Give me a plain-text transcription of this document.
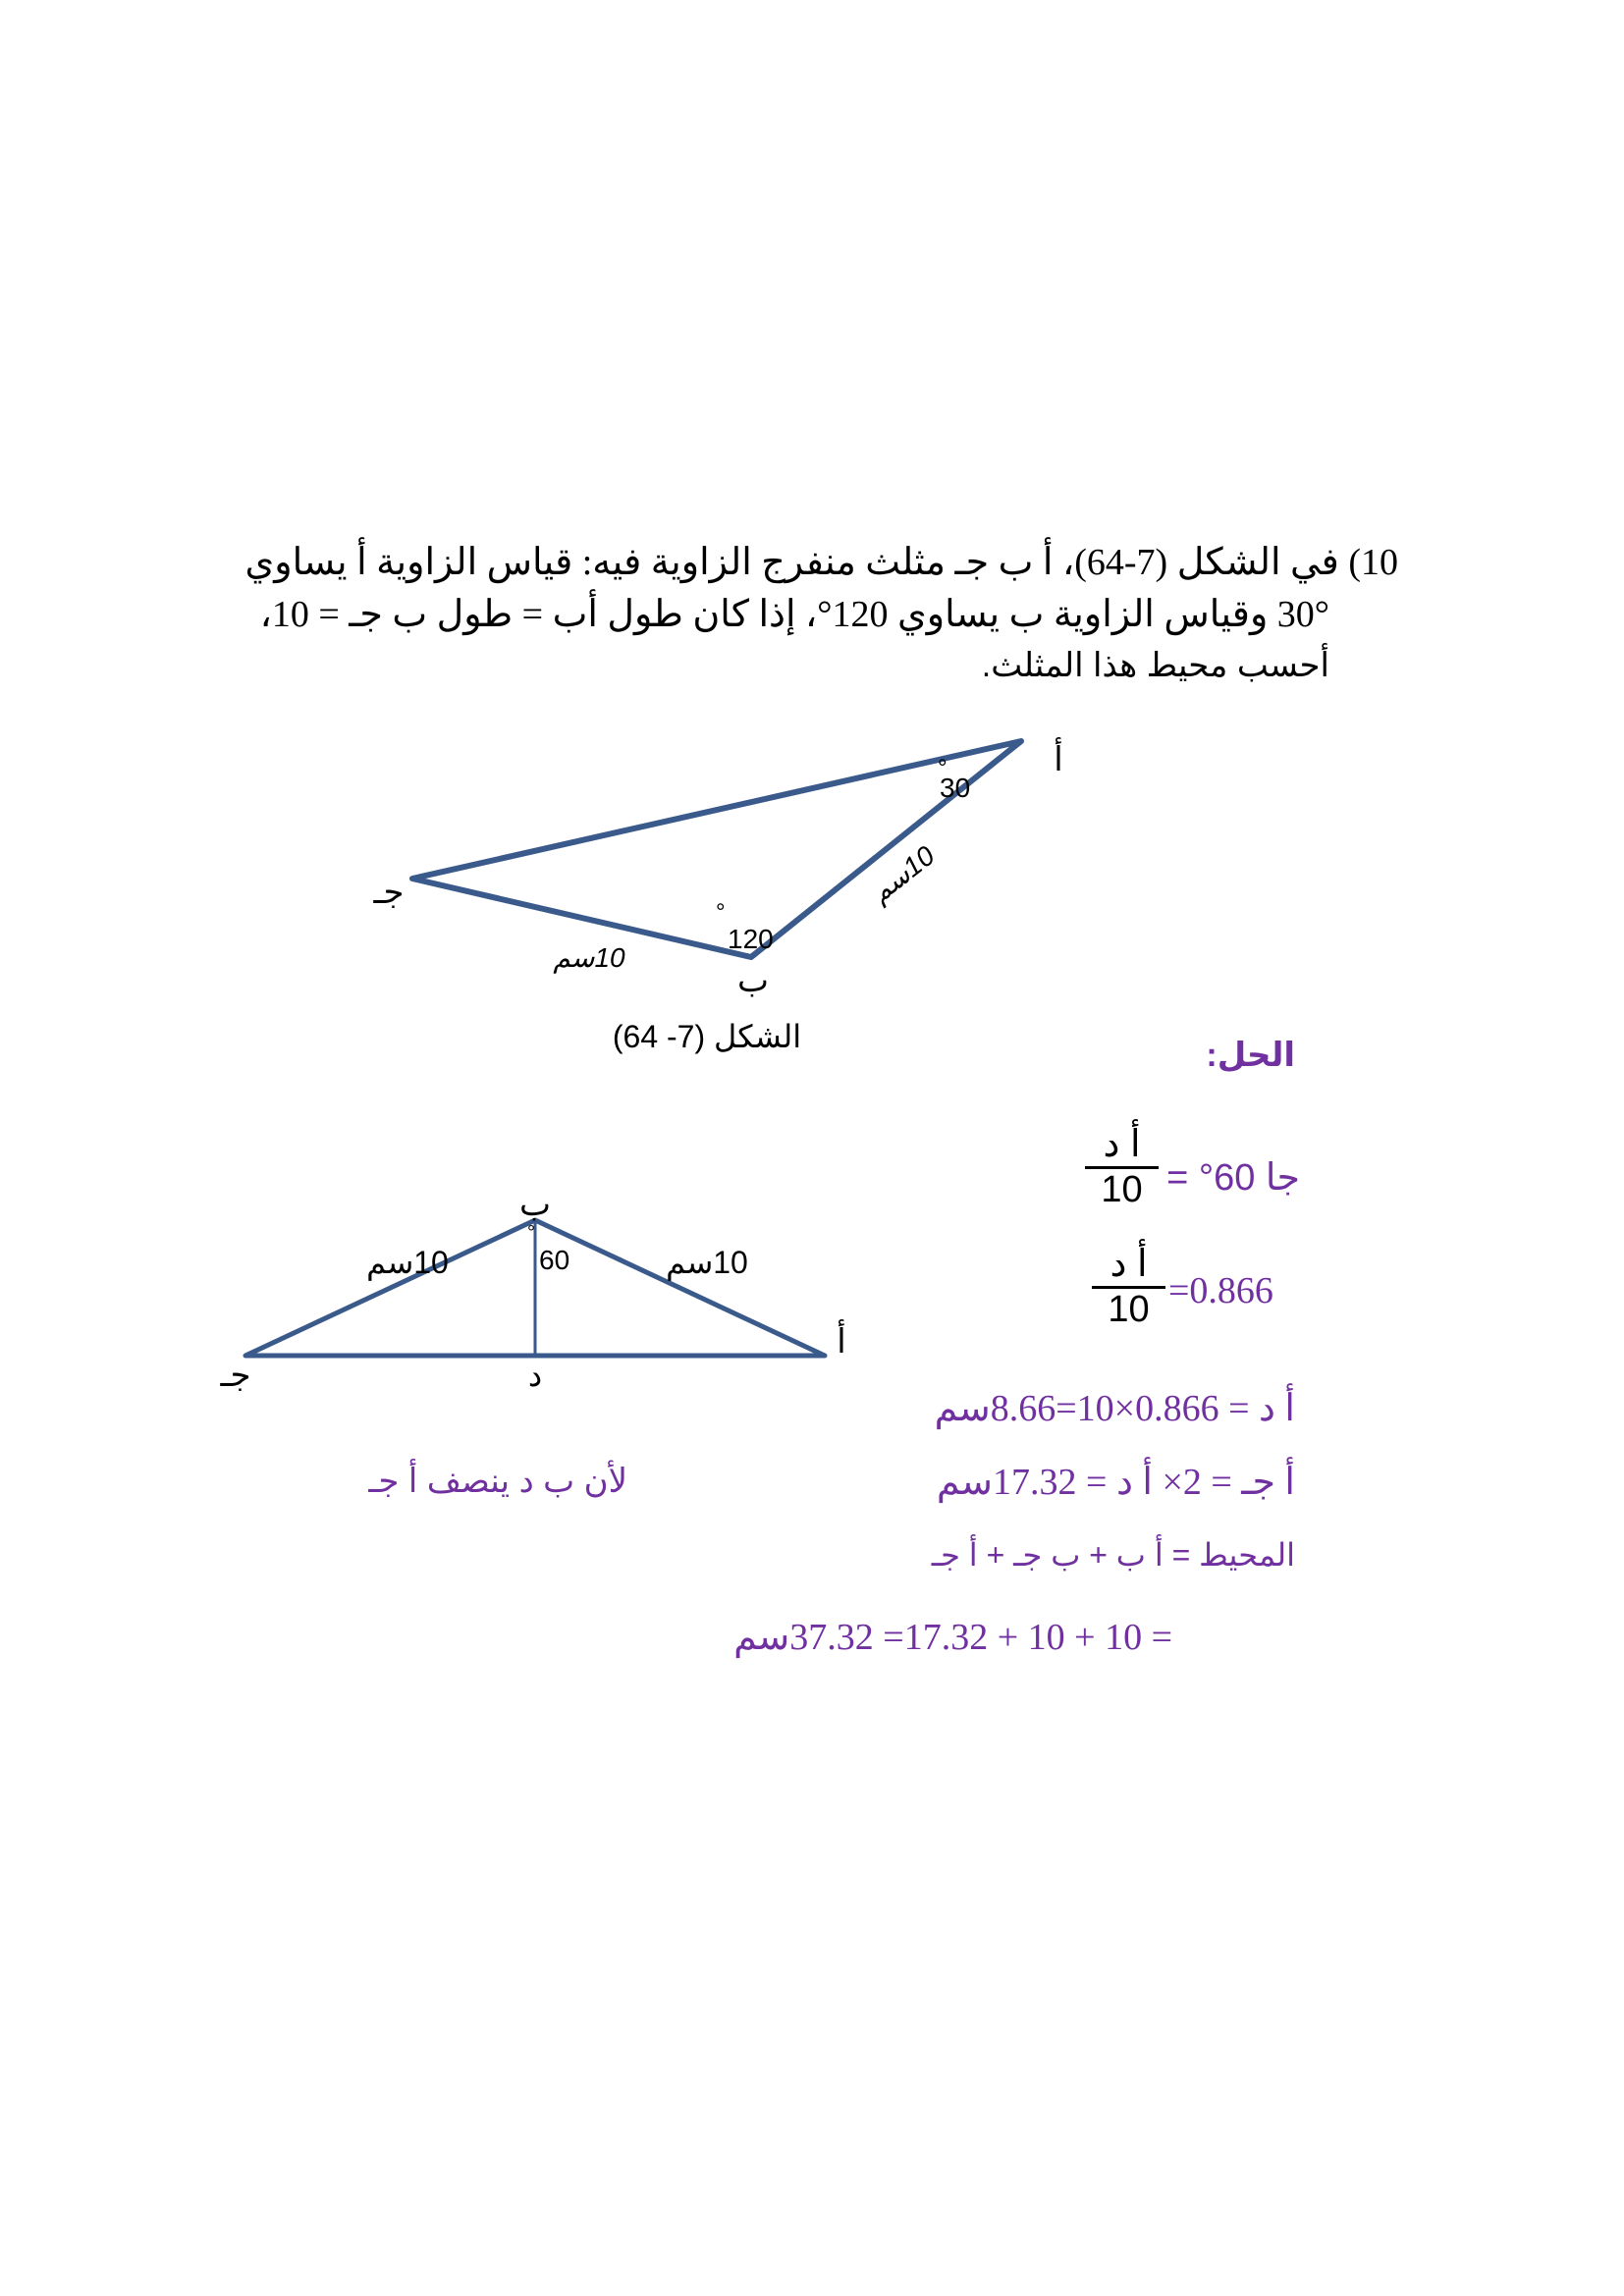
10) في الشكل (7-64)، أ ب جـ مثلث منفرج الزاوية فيه: قياس الزاوية أ يساوي
30° وقياس الزاوية ب يساوي 120°، إذا كان طول أب = طول ب جـ = 10،
أحسب محيط هذا المثلث.
أ
جـ
ب
°
30
°
120
10سم
10سم
الشكل (7- 64)	الحل:
جا 60° =
أ د
10
=0.866
أ د
10
أ د = 0.866×10=8.66سم
أ جـ = 2× أ د = 17.32سم
لأن ب د ينصف أ جـ
المحيط = أ ب + ب جـ + أ جـ
= 10 + 10 + 17.32= 37.32سم
ب
جـ
أ
د
°
60
10سم	10سم
